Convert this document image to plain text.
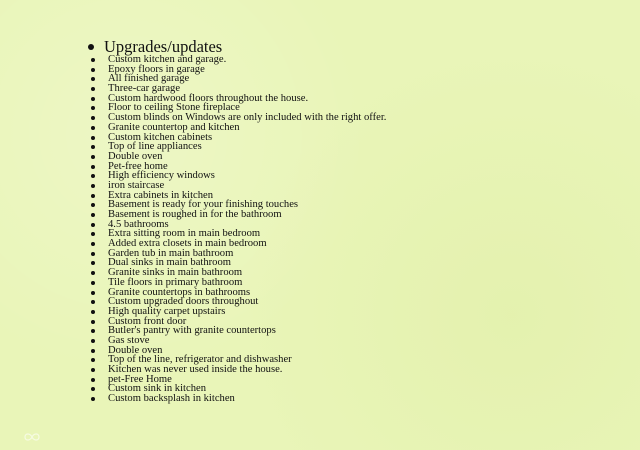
Upgrades/updates
Custom kitchen and garage.
Epoxy floors in garage
All finished garage
Three-car garage
Custom hardwood floors throughout the house.
Floor to ceiling Stone fireplace
Custom blinds on Windows are only included with the right offer.
Granite countertop and kitchen
Custom kitchen cabinets
Top of line appliances
Double oven
Pet-free home
High efficiency windows
iron staircase
Extra cabinets in kitchen
Basement is ready for your finishing touches
Basement is roughed in for the bathroom
4.5 bathrooms
Extra sitting room in main bedroom
Added extra closets in main bedroom
Garden tub in main bathroom
Dual sinks in main bathroom
Granite sinks in main bathroom
Tile floors in primary bathroom
Granite countertops in bathrooms
Custom upgraded doors throughout
High quality carpet upstairs
Custom front door
Butler's pantry with granite countertops
Gas stove
Double oven
Top of the line, refrigerator and dishwasher
Kitchen was never used inside the house.
pet-Free Home
Custom sink in kitchen
Custom backsplash in kitchen
